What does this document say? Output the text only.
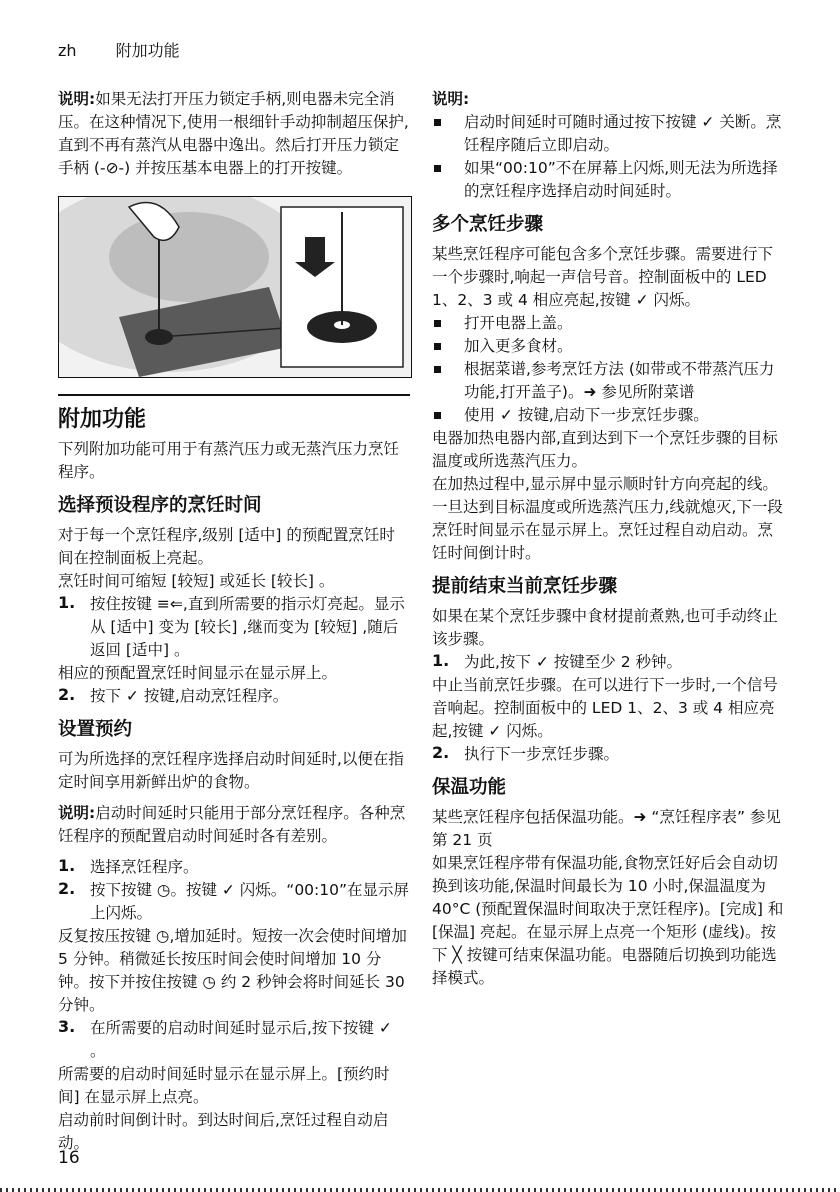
zh 附加功能

说明:如果无法打开压力锁定手柄,则电器未完全消压。在这种情况下,使用一根细针手动抑制超压保护,直到不再有蒸汽从电器中逸出。然后打开压力锁定手柄 (-⊘-) 并按压基本电器上的打开按键。

附加功能

下列附加功能可用于有蒸汽压力或无蒸汽压力烹饪程序。

选择预设程序的烹饪时间

对于每一个烹饪程序,级别 [适中] 的预配置烹饪时间在控制面板上亮起。

烹饪时间可缩短 [较短] 或延长 [较长] 。

1. 按住按键 ≡⇐,直到所需要的指示灯亮起。显示从 [适中] 变为 [较长] ,继而变为 [较短] ,随后返回 [适中] 。

相应的预配置烹饪时间显示在显示屏上。

2. 按下 ✓ 按键,启动烹饪程序。

设置预约

可为所选择的烹饪程序选择启动时间延时,以便在指定时间享用新鲜出炉的食物。

说明:启动时间延时只能用于部分烹饪程序。各种烹饪程序的预配置启动时间延时各有差别。

1. 选择烹饪程序。

2. 按下按键 ◷。按键 ✓ 闪烁。“00:10”在显示屏上闪烁。

反复按压按键 ◷,增加延时。短按一次会使时间增加 5 分钟。稍微延长按压时间会使时间增加 10 分钟。按下并按住按键 ◷ 约 2 秒钟会将时间延长 30 分钟。

3. 在所需要的启动时间延时显示后,按下按键 ✓ 。

所需要的启动时间延时显示在显示屏上。[预约时间] 在显示屏上点亮。

启动前时间倒计时。到达时间后,烹饪过程自动启动。

说明:

启动时间延时可随时通过按下按键 ✓ 关断。烹饪程序随后立即启动。

如果“00:10”不在屏幕上闪烁,则无法为所选择的烹饪程序选择启动时间延时。

多个烹饪步骤

某些烹饪程序可能包含多个烹饪步骤。需要进行下一个步骤时,响起一声信号音。控制面板中的 LED 1、2、3 或 4 相应亮起,按键 ✓ 闪烁。

打开电器上盖。

加入更多食材。

根据菜谱,参考烹饪方法 (如带或不带蒸汽压力功能,打开盖子)。➜ 参见所附菜谱

使用 ✓ 按键,启动下一步烹饪步骤。

电器加热电器内部,直到达到下一个烹饪步骤的目标温度或所选蒸汽压力。

在加热过程中,显示屏中显示顺时针方向亮起的线。一旦达到目标温度或所选蒸汽压力,线就熄灭,下一段烹饪时间显示在显示屏上。烹饪过程自动启动。烹饪时间倒计时。

提前结束当前烹饪步骤

如果在某个烹饪步骤中食材提前煮熟,也可手动终止该步骤。

1. 为此,按下 ✓ 按键至少 2 秒钟。

中止当前烹饪步骤。在可以进行下一步时,一个信号音响起。控制面板中的 LED 1、2、3 或 4 相应亮起,按键 ✓ 闪烁。

2. 执行下一步烹饪步骤。

保温功能

某些烹饪程序包括保温功能。➜ “烹饪程序表” 参见第 21 页

如果烹饪程序带有保温功能,食物烹饪好后会自动切换到该功能,保温时间最长为 10 小时,保温温度为 40°C (预配置保温时间取决于烹饪程序)。[完成] 和 [保温] 亮起。在显示屏上点亮一个矩形 (虚线)。按下 ╳ 按键可结束保温功能。电器随后切换到功能选择模式。

16
